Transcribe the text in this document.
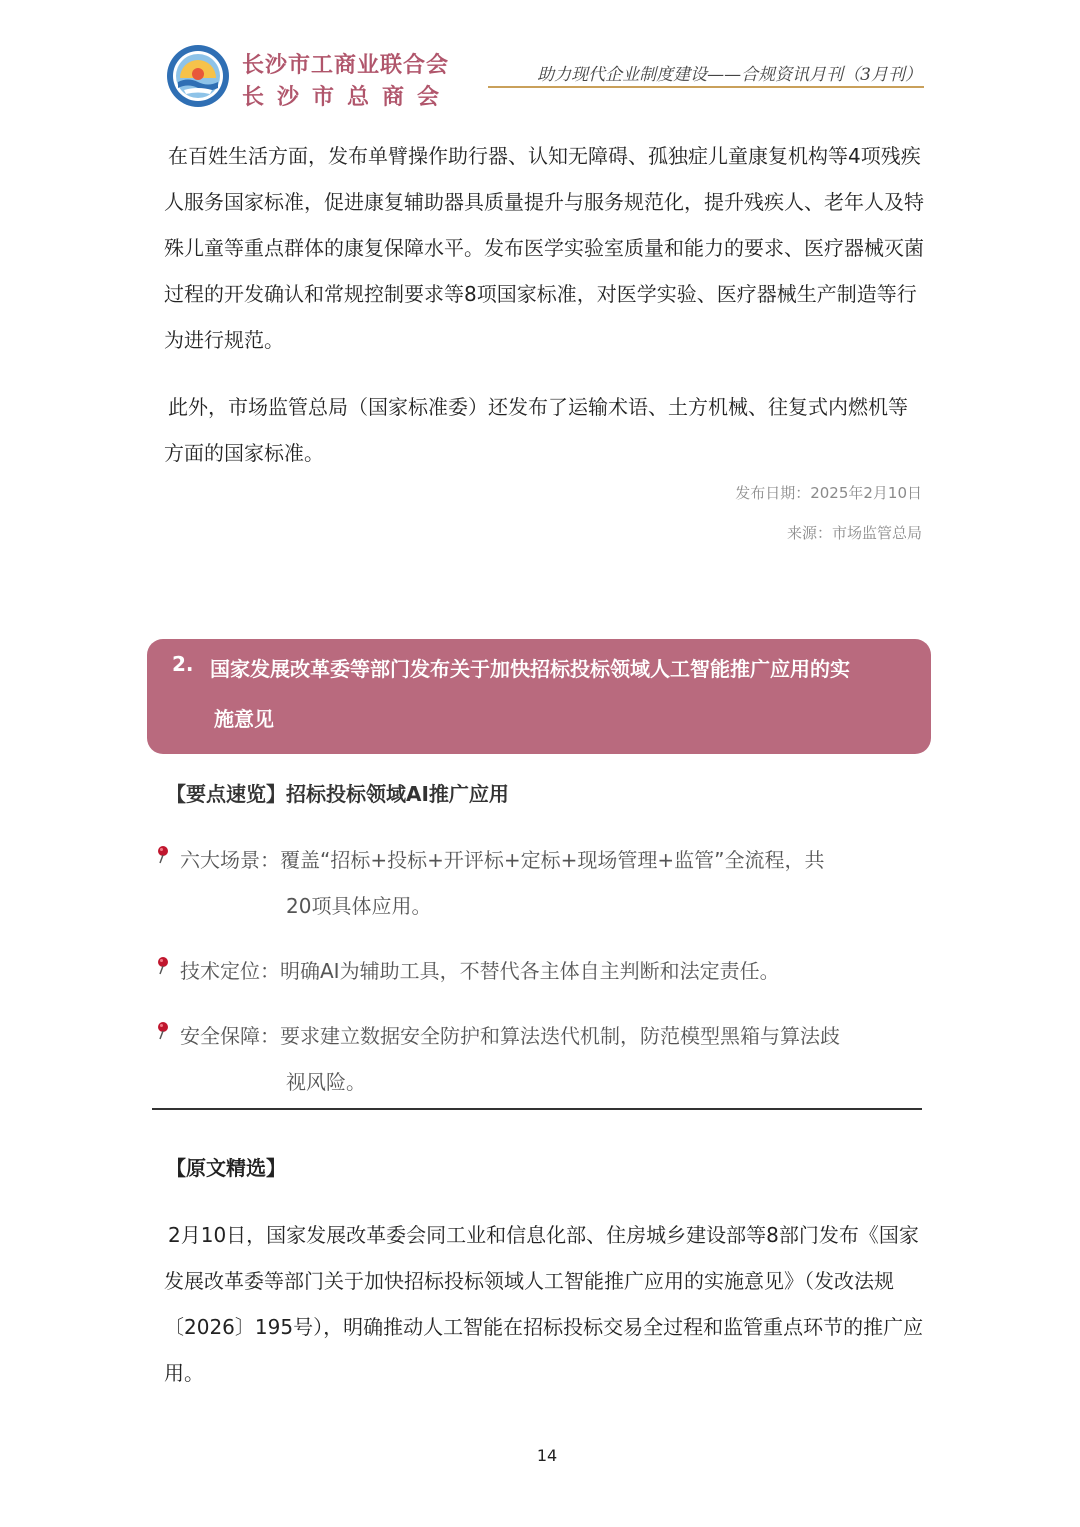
长沙市工商业联合会
长沙市总商会
助力现代企业制度建设——合规资讯月刊（3月刊）
在百姓生活方面，发布单臂操作助行器、认知无障碍、孤独症儿童康复机构等4项残疾人服务国家标准，促进康复辅助器具质量提升与服务规范化，提升残疾人、老年人及特殊儿童等重点群体的康复保障水平。发布医学实验室质量和能力的要求、医疗器械灭菌过程的开发确认和常规控制要求等8项国家标准，对医学实验、医疗器械生产制造等行为进行规范。
此外，市场监管总局（国家标准委）还发布了运输术语、土方机械、往复式内燃机等方面的国家标准。
发布日期：2025年2月10日
来源：市场监管总局
2. 国家发展改革委等部门发布关于加快招标投标领域人工智能推广应用的实
施意见
【要点速览】招标投标领域AI推广应用
六大场景：覆盖“招标+投标+开评标+定标+现场管理+监管”全流程，共
20项具体应用。
技术定位：明确AI为辅助工具，不替代各主体自主判断和法定责任。
安全保障：要求建立数据安全防护和算法迭代机制，防范模型黑箱与算法歧
视风险。
【原文精选】
2月10日，国家发展改革委会同工业和信息化部、住房城乡建设部等8部门发布《国家发展改革委等部门关于加快招标投标领域人工智能推广应用的实施意见》（发改法规〔2026〕195号），明确推动人工智能在招标投标交易全过程和监管重点环节的推广应用。
14
